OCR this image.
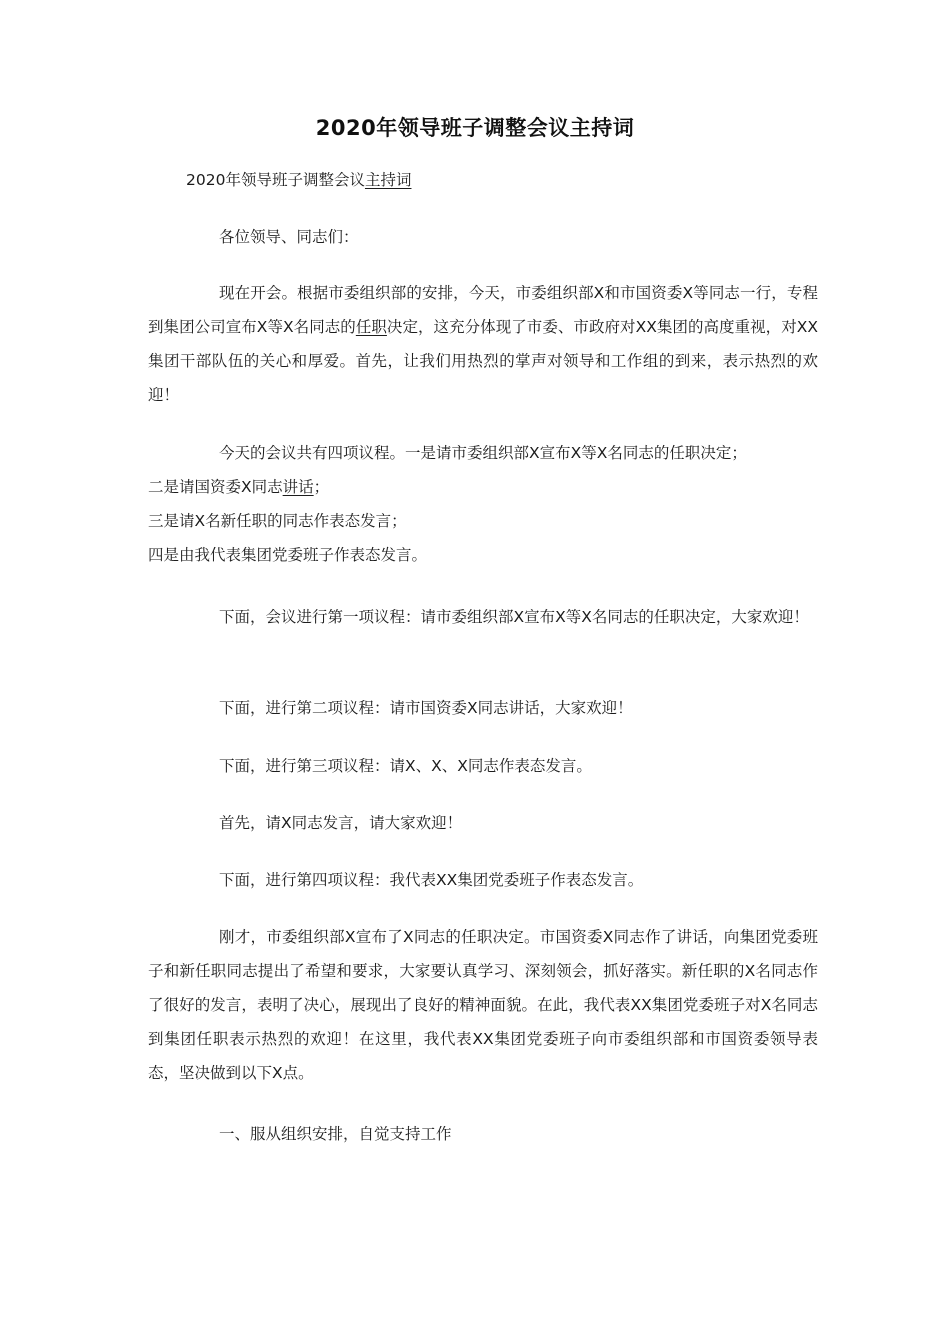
2020年领导班子调整会议主持词

2020年领导班子调整会议主持词

各位领导、同志们：

现在开会。根据市委组织部的安排，今天，市委组织部X和市国资委X等同志一行，专程到集团公司宣布X等X名同志的任职决定，这充分体现了市委、市政府对XX集团的高度重视，对XX集团干部队伍的关心和厚爱。首先，让我们用热烈的掌声对领导和工作组的到来，表示热烈的欢迎！

今天的会议共有四项议程。一是请市委组织部X宣布X等X名同志的任职决定；

二是请国资委X同志讲话；

三是请X名新任职的同志作表态发言；

四是由我代表集团党委班子作表态发言。

下面，会议进行第一项议程：请市委组织部X宣布X等X名同志的任职决定，大家欢迎！

下面，进行第二项议程：请市国资委X同志讲话，大家欢迎！

下面，进行第三项议程：请X、X、X同志作表态发言。

首先，请X同志发言，请大家欢迎！

下面，进行第四项议程：我代表XX集团党委班子作表态发言。

刚才，市委组织部X宣布了X同志的任职决定。市国资委X同志作了讲话，向集团党委班子和新任职同志提出了希望和要求，大家要认真学习、深刻领会，抓好落实。新任职的X名同志作了很好的发言，表明了决心，展现出了良好的精神面貌。在此，我代表XX集团党委班子对X名同志到集团任职表示热烈的欢迎！在这里，我代表XX集团党委班子向市委组织部和市国资委领导表态，坚决做到以下X点。

一、服从组织安排，自觉支持工作
